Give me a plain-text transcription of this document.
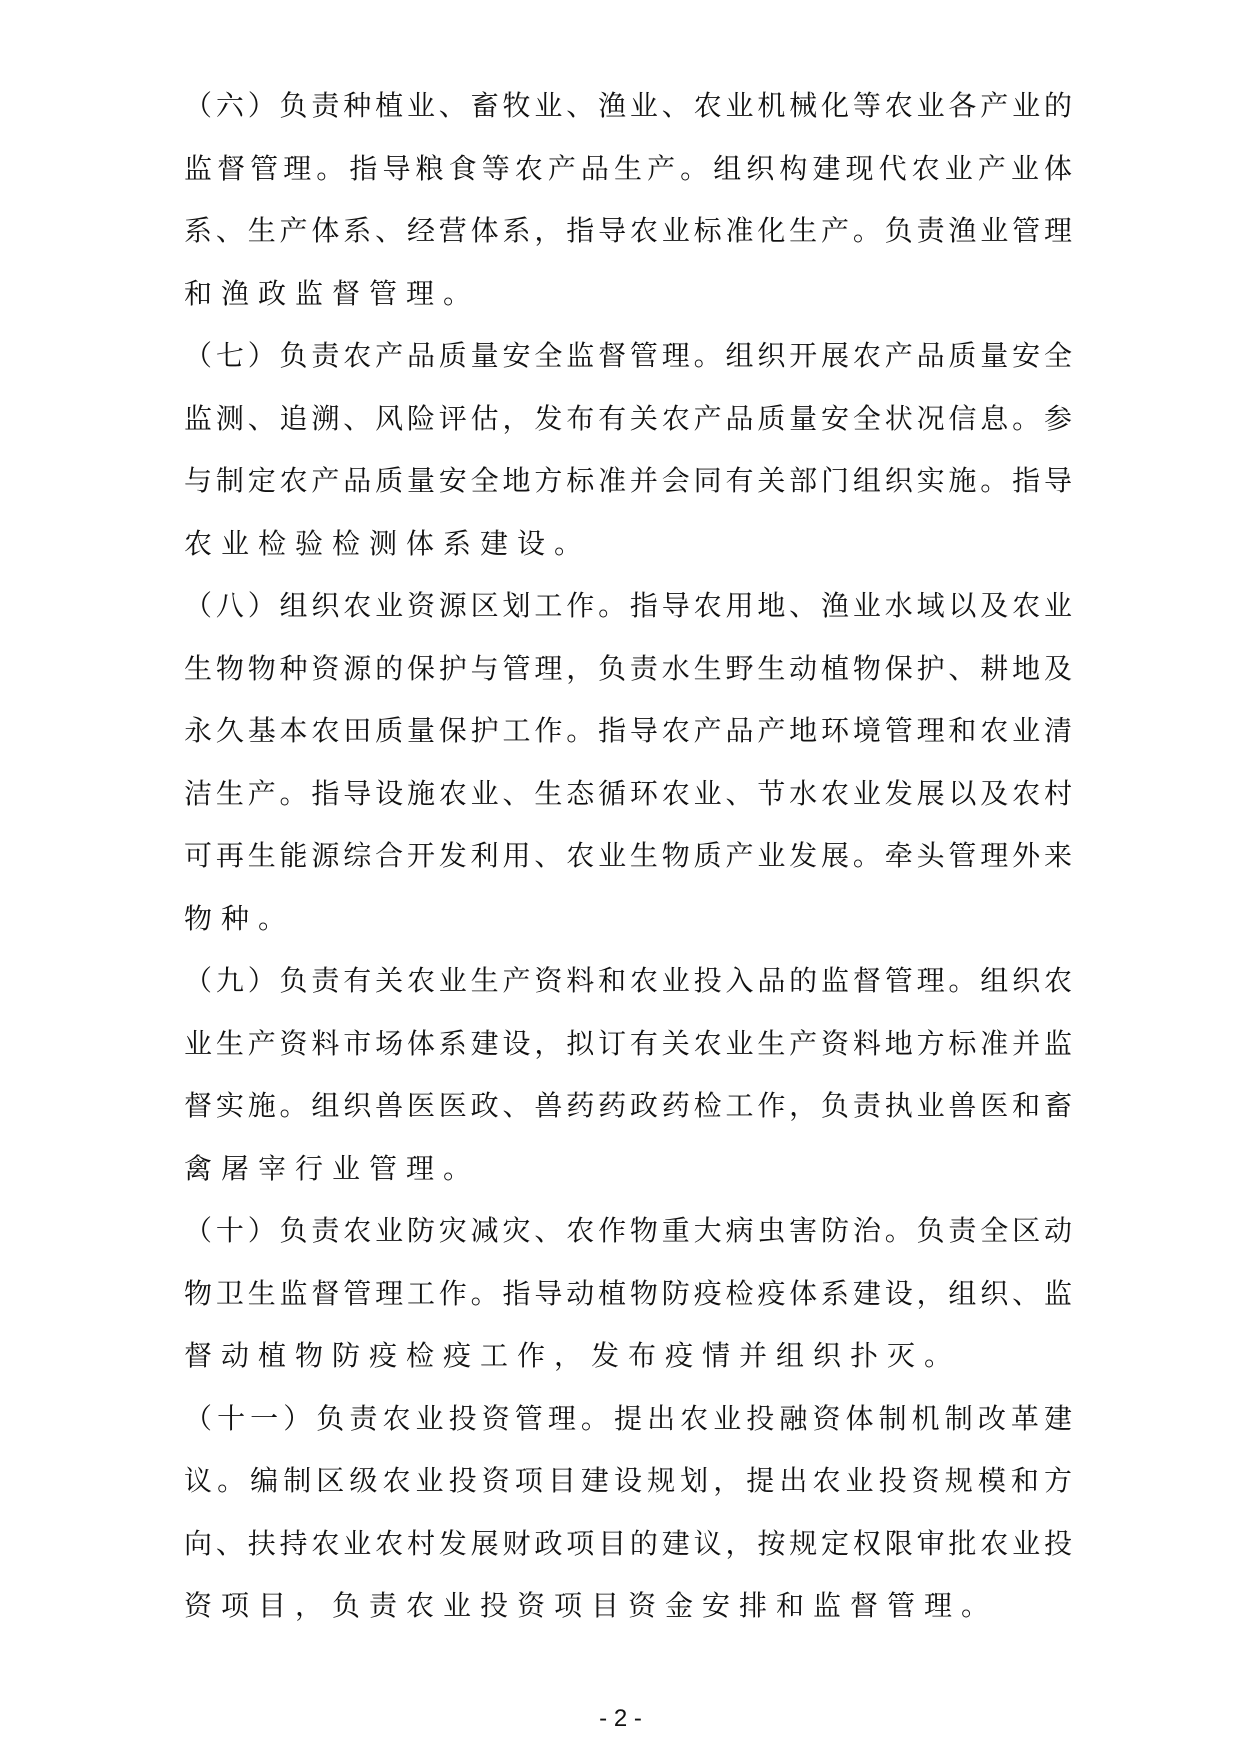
（六）负责种植业、畜牧业、渔业、农业机械化等农业各产业的
监督管理。指导粮食等农产品生产。组织构建现代农业产业体
系、生产体系、经营体系，指导农业标准化生产。负责渔业管理
和渔政监督管理。
（七）负责农产品质量安全监督管理。组织开展农产品质量安全
监测、追溯、风险评估，发布有关农产品质量安全状况信息。参
与制定农产品质量安全地方标准并会同有关部门组织实施。指导
农业检验检测体系建设。
（八）组织农业资源区划工作。指导农用地、渔业水域以及农业
生物物种资源的保护与管理，负责水生野生动植物保护、耕地及
永久基本农田质量保护工作。指导农产品产地环境管理和农业清
洁生产。指导设施农业、生态循环农业、节水农业发展以及农村
可再生能源综合开发利用、农业生物质产业发展。牵头管理外来
物种。
（九）负责有关农业生产资料和农业投入品的监督管理。组织农
业生产资料市场体系建设，拟订有关农业生产资料地方标准并监
督实施。组织兽医医政、兽药药政药检工作，负责执业兽医和畜
禽屠宰行业管理。
（十）负责农业防灾减灾、农作物重大病虫害防治。负责全区动
物卫生监督管理工作。指导动植物防疫检疫体系建设，组织、监
督动植物防疫检疫工作，发布疫情并组织扑灭。
（十一）负责农业投资管理。提出农业投融资体制机制改革建
议。编制区级农业投资项目建设规划，提出农业投资规模和方
向、扶持农业农村发展财政项目的建议，按规定权限审批农业投
资项目，负责农业投资项目资金安排和监督管理。
- 2 -
